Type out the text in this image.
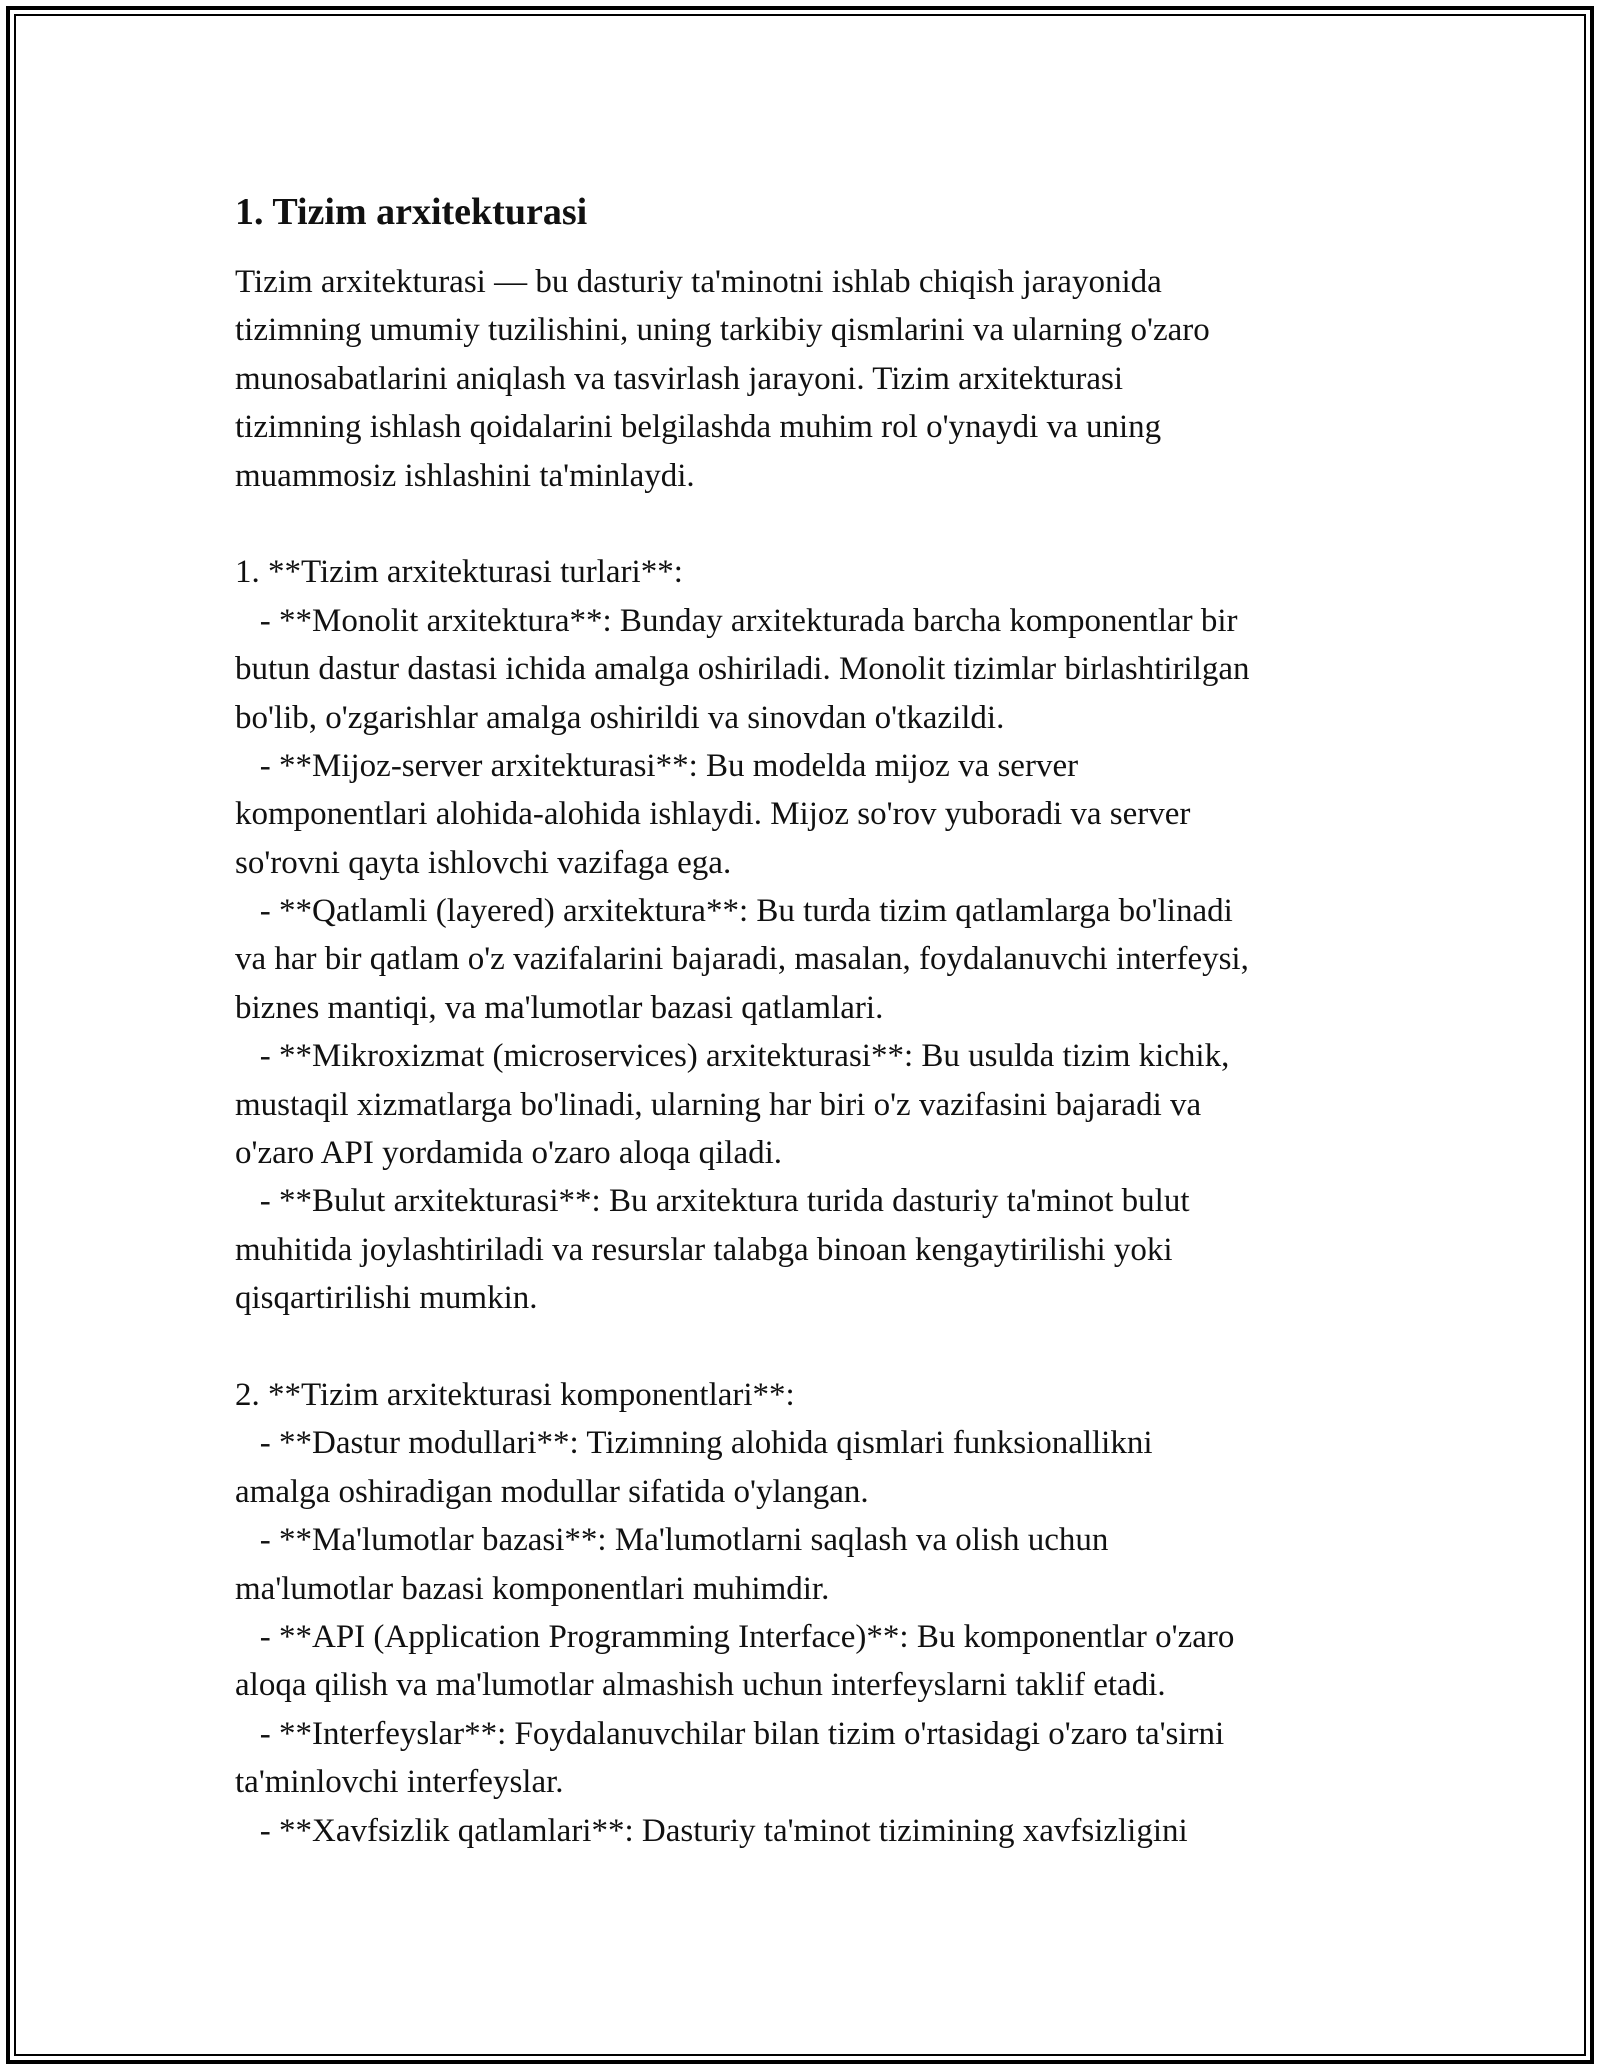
1. Tizim arxitekturasi
Tizim arxitekturasi — bu dasturiy ta'minotni ishlab chiqish jarayonida
tizimning umumiy tuzilishini, uning tarkibiy qismlarini va ularning o'zaro
munosabatlarini aniqlash va tasvirlash jarayoni. Tizim arxitekturasi
tizimning ishlash qoidalarini belgilashda muhim rol o'ynaydi va uning
muammosiz ishlashini ta'minlaydi.
1. **Tizim arxitekturasi turlari**:
- **Monolit arxitektura**: Bunday arxitekturada barcha komponentlar bir
butun dastur dastasi ichida amalga oshiriladi. Monolit tizimlar birlashtirilgan
bo'lib, o'zgarishlar amalga oshirildi va sinovdan o'tkazildi.
- **Mijoz-server arxitekturasi**: Bu modelda mijoz va server
komponentlari alohida-alohida ishlaydi. Mijoz so'rov yuboradi va server
so'rovni qayta ishlovchi vazifaga ega.
- **Qatlamli (layered) arxitektura**: Bu turda tizim qatlamlarga bo'linadi
va har bir qatlam o'z vazifalarini bajaradi, masalan, foydalanuvchi interfeysi,
biznes mantiqi, va ma'lumotlar bazasi qatlamlari.
- **Mikroxizmat (microservices) arxitekturasi**: Bu usulda tizim kichik,
mustaqil xizmatlarga bo'linadi, ularning har biri o'z vazifasini bajaradi va
o'zaro API yordamida o'zaro aloqa qiladi.
- **Bulut arxitekturasi**: Bu arxitektura turida dasturiy ta'minot bulut
muhitida joylashtiriladi va resurslar talabga binoan kengaytirilishi yoki
qisqartirilishi mumkin.
2. **Tizim arxitekturasi komponentlari**:
- **Dastur modullari**: Tizimning alohida qismlari funksionallikni
amalga oshiradigan modullar sifatida o'ylangan.
- **Ma'lumotlar bazasi**: Ma'lumotlarni saqlash va olish uchun
ma'lumotlar bazasi komponentlari muhimdir.
- **API (Application Programming Interface)**: Bu komponentlar o'zaro
aloqa qilish va ma'lumotlar almashish uchun interfeyslarni taklif etadi.
- **Interfeyslar**: Foydalanuvchilar bilan tizim o'rtasidagi o'zaro ta'sirni
ta'minlovchi interfeyslar.
- **Xavfsizlik qatlamlari**: Dasturiy ta'minot tizimining xavfsizligini
